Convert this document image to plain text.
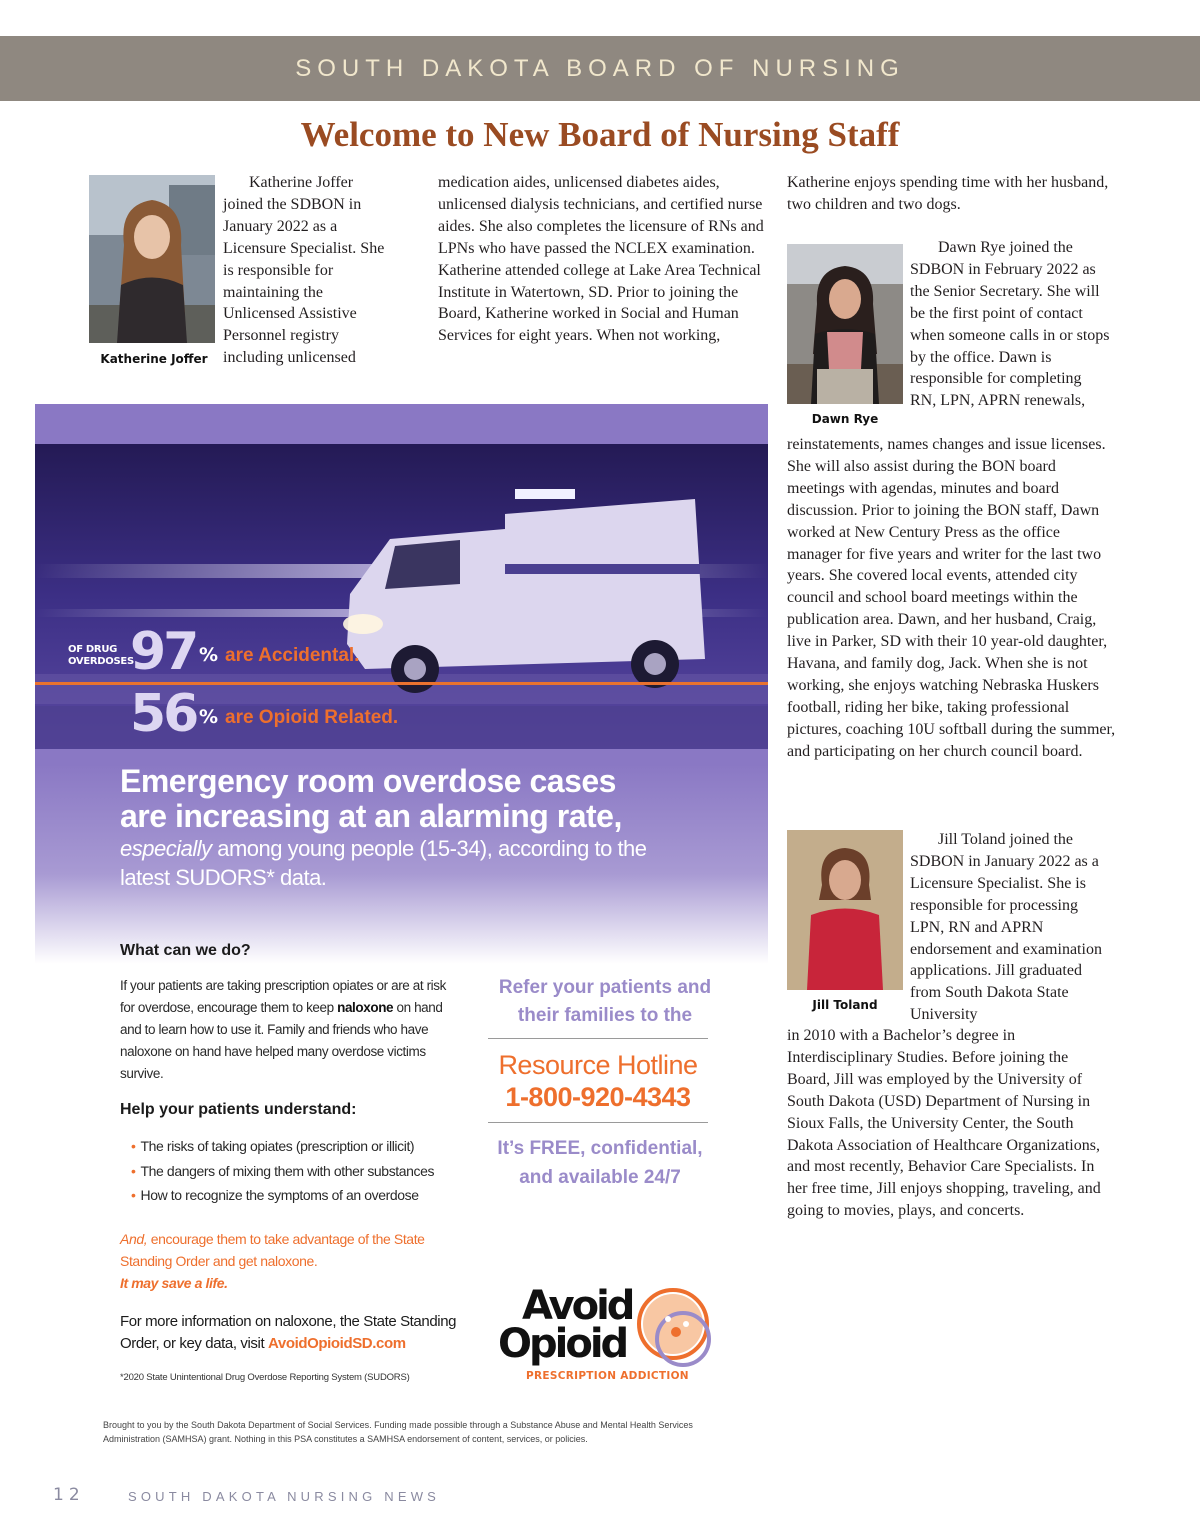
SOUTH DAKOTA BOARD OF NURSING
Welcome to New Board of Nursing Staff
Katherine Joffer

Katherine Joffer joined the SDBON in January 2022 as a Licensure Specialist. She is responsible for maintaining the Unlicensed Assistive Personnel registry including unlicensed

medication aides, unlicensed diabetes aides, unlicensed dialysis technicians, and certified nurse aides. She also completes the licensure of RNs and LPNs who have passed the NCLEX examination. Katherine attended college at Lake Area Technical Institute in Watertown, SD. Prior to joining the Board, Katherine worked in Social and Human Services for eight years. When not working,

Katherine enjoys spending time with her husband, two children and two dogs.

Dawn Rye

Dawn Rye joined the SDBON in February 2022 as the Senior Secretary. She will be the first point of contact when someone calls in or stops by the office. Dawn is responsible for completing RN, LPN, APRN renewals,

reinstatements, names changes and issue licenses. She will also assist during the BON board meetings with agendas, minutes and board discussion. Prior to joining the BON staff, Dawn worked at New Century Press as the office manager for five years and writer for the last two years. She covered local events, attended city council and school board meetings within the publication area. Dawn, and her husband, Craig, live in Parker, SD with their 10 year-old daughter, Havana, and family dog, Jack. When she is not working, she enjoys watching Nebraska Huskers football, riding her bike, taking professional pictures, coaching 10U softball during the summer, and participating on her church council board.

Jill Toland

Jill Toland joined the SDBON in January 2022 as a Licensure Specialist. She is responsible for processing LPN, RN and APRN endorsement and examination applications. Jill graduated from South Dakota State University

in 2010 with a Bachelor’s degree in Interdisciplinary Studies. Before joining the Board, Jill was employed by the University of South Dakota (USD) Department of Nursing in Sioux Falls, the University Center, the South Dakota Association of Healthcare Organizations, and most recently, Behavior Care Specialists. In her free time, Jill enjoys shopping, traveling, and going to movies, plays, and concerts.

OF DRUG
OVERDOSES
97 % are Accidental.
56 % are Opioid Related.
Emergency room overdose cases
are increasing at an alarming rate,
especially among young people (15-34), according to the latest SUDORS* data.
What can we do?

If your patients are taking prescription opiates or are at risk for overdose, encourage them to keep naloxone on hand and to learn how to use it. Family and friends who have naloxone on hand have helped many overdose victims survive.

Help your patients understand:
• The risks of taking opiates (prescription or illicit)
• The dangers of mixing them with other substances
• How to recognize the symptoms of an overdose

And, encourage them to take advantage of the State Standing Order and get naloxone.
It may save a life.

For more information on naloxone, the State Standing Order, or key data, visit AvoidOpioidSD.com

*2020 State Unintentional Drug Overdose Reporting System (SUDORS)
Refer your patients and their families to the
Resource Hotline
1-800-920-4343
It’s FREE, confidential, and available 24/7
Avoid
Opioid
PRESCRIPTION ADDICTION

Brought to you by the South Dakota Department of Social Services. Funding made possible through a Substance Abuse and Mental Health Services Administration (SAMHSA) grant. Nothing in this PSA constitutes a SAMHSA endorsement of content, services, or policies.

12	SOUTH DAKOTA NURSING NEWS
